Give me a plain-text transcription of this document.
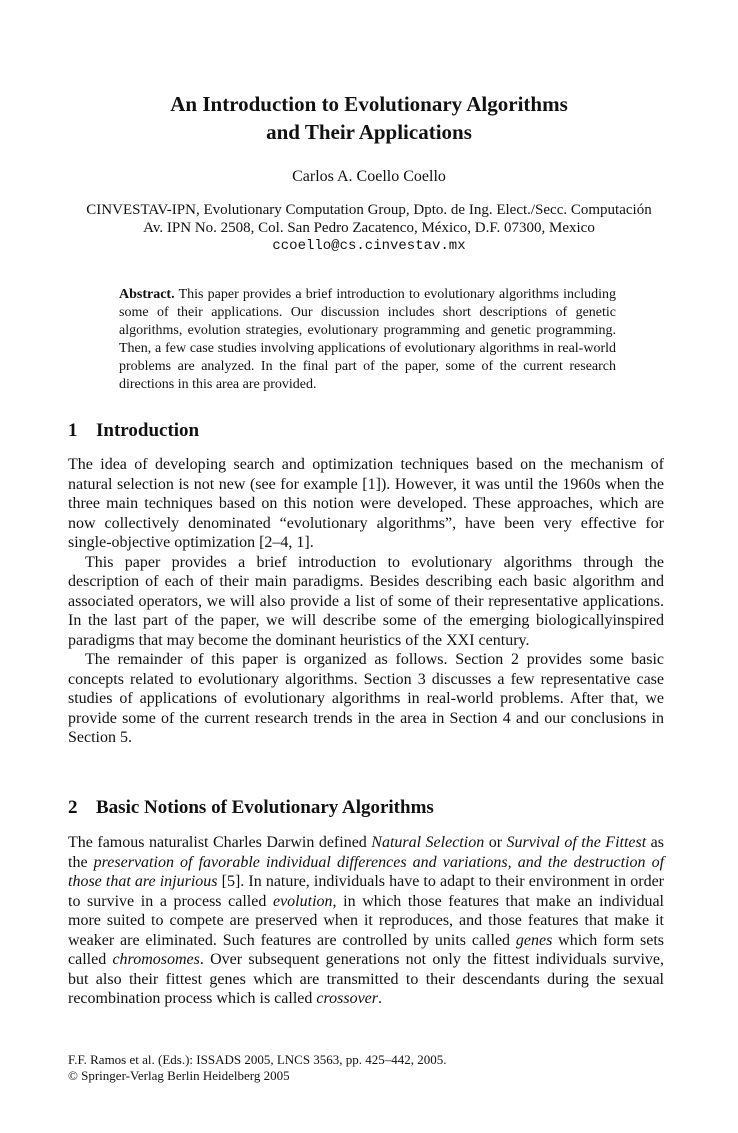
An Introduction to Evolutionary Algorithms
and Their Applications
Carlos A. Coello Coello
CINVESTAV-IPN, Evolutionary Computation Group, Dpto. de Ing. Elect./Secc. Computación
Av. IPN No. 2508, Col. San Pedro Zacatenco, México, D.F. 07300, Mexico
ccoello@cs.cinvestav.mx
Abstract. This paper provides a brief introduction to evolutionary algorithms including some of their applications. Our discussion includes short descriptions of genetic algorithms, evolution strategies, evolutionary programming and genetic programming. Then, a few case studies involving applications of evolutionary algorithms in real-world problems are analyzed. In the final part of the paper, some of the current research directions in this area are provided.
1 Introduction

The idea of developing search and optimization techniques based on the mechanism of natural selection is not new (see for example [1]). However, it was until the 1960s when the three main techniques based on this notion were developed. These approaches, which are now collectively denominated “evolutionary algorithms”, have been very effective for single-objective optimization [2–4, 1].

This paper provides a brief introduction to evolutionary algorithms through the description of each of their main paradigms. Besides describing each basic algorithm and associated operators, we will also provide a list of some of their representative applications. In the last part of the paper, we will describe some of the emerging biologicallyinspired paradigms that may become the dominant heuristics of the XXI century.

The remainder of this paper is organized as follows. Section 2 provides some basic concepts related to evolutionary algorithms. Section 3 discusses a few representative case studies of applications of evolutionary algorithms in real-world problems. After that, we provide some of the current research trends in the area in Section 4 and our conclusions in Section 5.

2 Basic Notions of Evolutionary Algorithms

The famous naturalist Charles Darwin defined Natural Selection or Survival of the Fittest as the preservation of favorable individual differences and variations, and the destruction of those that are injurious [5]. In nature, individuals have to adapt to their environment in order to survive in a process called evolution, in which those features that make an individual more suited to compete are preserved when it reproduces, and those features that make it weaker are eliminated. Such features are controlled by units called genes which form sets called chromosomes. Over subsequent generations not only the fittest individuals survive, but also their fittest genes which are transmitted to their descendants during the sexual recombination process which is called crossover.

F.F. Ramos et al. (Eds.): ISSADS 2005, LNCS 3563, pp. 425–442, 2005.
© Springer-Verlag Berlin Heidelberg 2005
